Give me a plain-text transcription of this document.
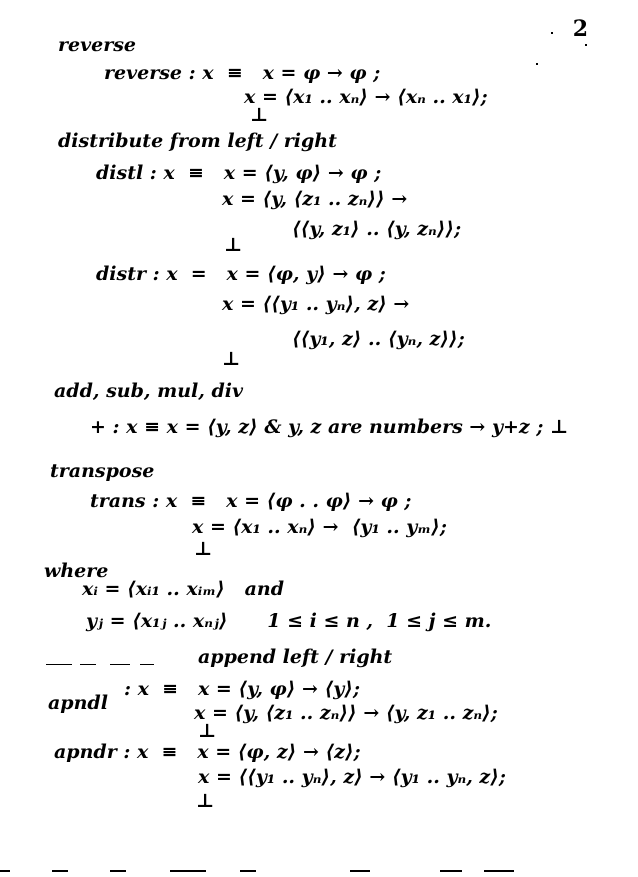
2
reverse
reverse : x  ≡   x = φ → φ ;
x = ⟨x₁ .. xₙ⟩ → ⟨xₙ .. x₁⟩;
⊥
distribute from left / right
distl : x  ≡   x = ⟨y, φ⟩ → φ ;
x = ⟨y, ⟨z₁ .. zₙ⟩⟩ →
⟨⟨y, z₁⟩ .. ⟨y, zₙ⟩⟩;
⊥
distr : x  =   x = ⟨φ, y⟩ → φ ;
x = ⟨⟨y₁ .. yₙ⟩, z⟩ →
⟨⟨y₁, z⟩ .. ⟨yₙ, z⟩⟩;
⊥
add, sub, mul, div
+ : x ≡ x = ⟨y, z⟩ & y, z are numbers → y+z ; ⊥
transpose
trans : x  ≡   x = ⟨φ . . φ⟩ → φ ;
x = ⟨x₁ .. xₙ⟩ →  ⟨y₁ .. yₘ⟩;
⊥
where
xᵢ = ⟨xᵢ₁ .. xᵢₘ⟩   and
yⱼ = ⟨x₁ⱼ .. xₙⱼ⟩      1 ≤ i ≤ n ,  1 ≤ j ≤ m.
append left / right
apndl
: x  ≡   x = ⟨y, φ⟩ → ⟨y⟩;
x = ⟨y, ⟨z₁ .. zₙ⟩⟩ → ⟨y, z₁ .. zₙ⟩;
⊥
apndr : x  ≡   x = ⟨φ, z⟩ → ⟨z⟩;
x = ⟨⟨y₁ .. yₙ⟩, z⟩ → ⟨y₁ .. yₙ, z⟩;
⊥
